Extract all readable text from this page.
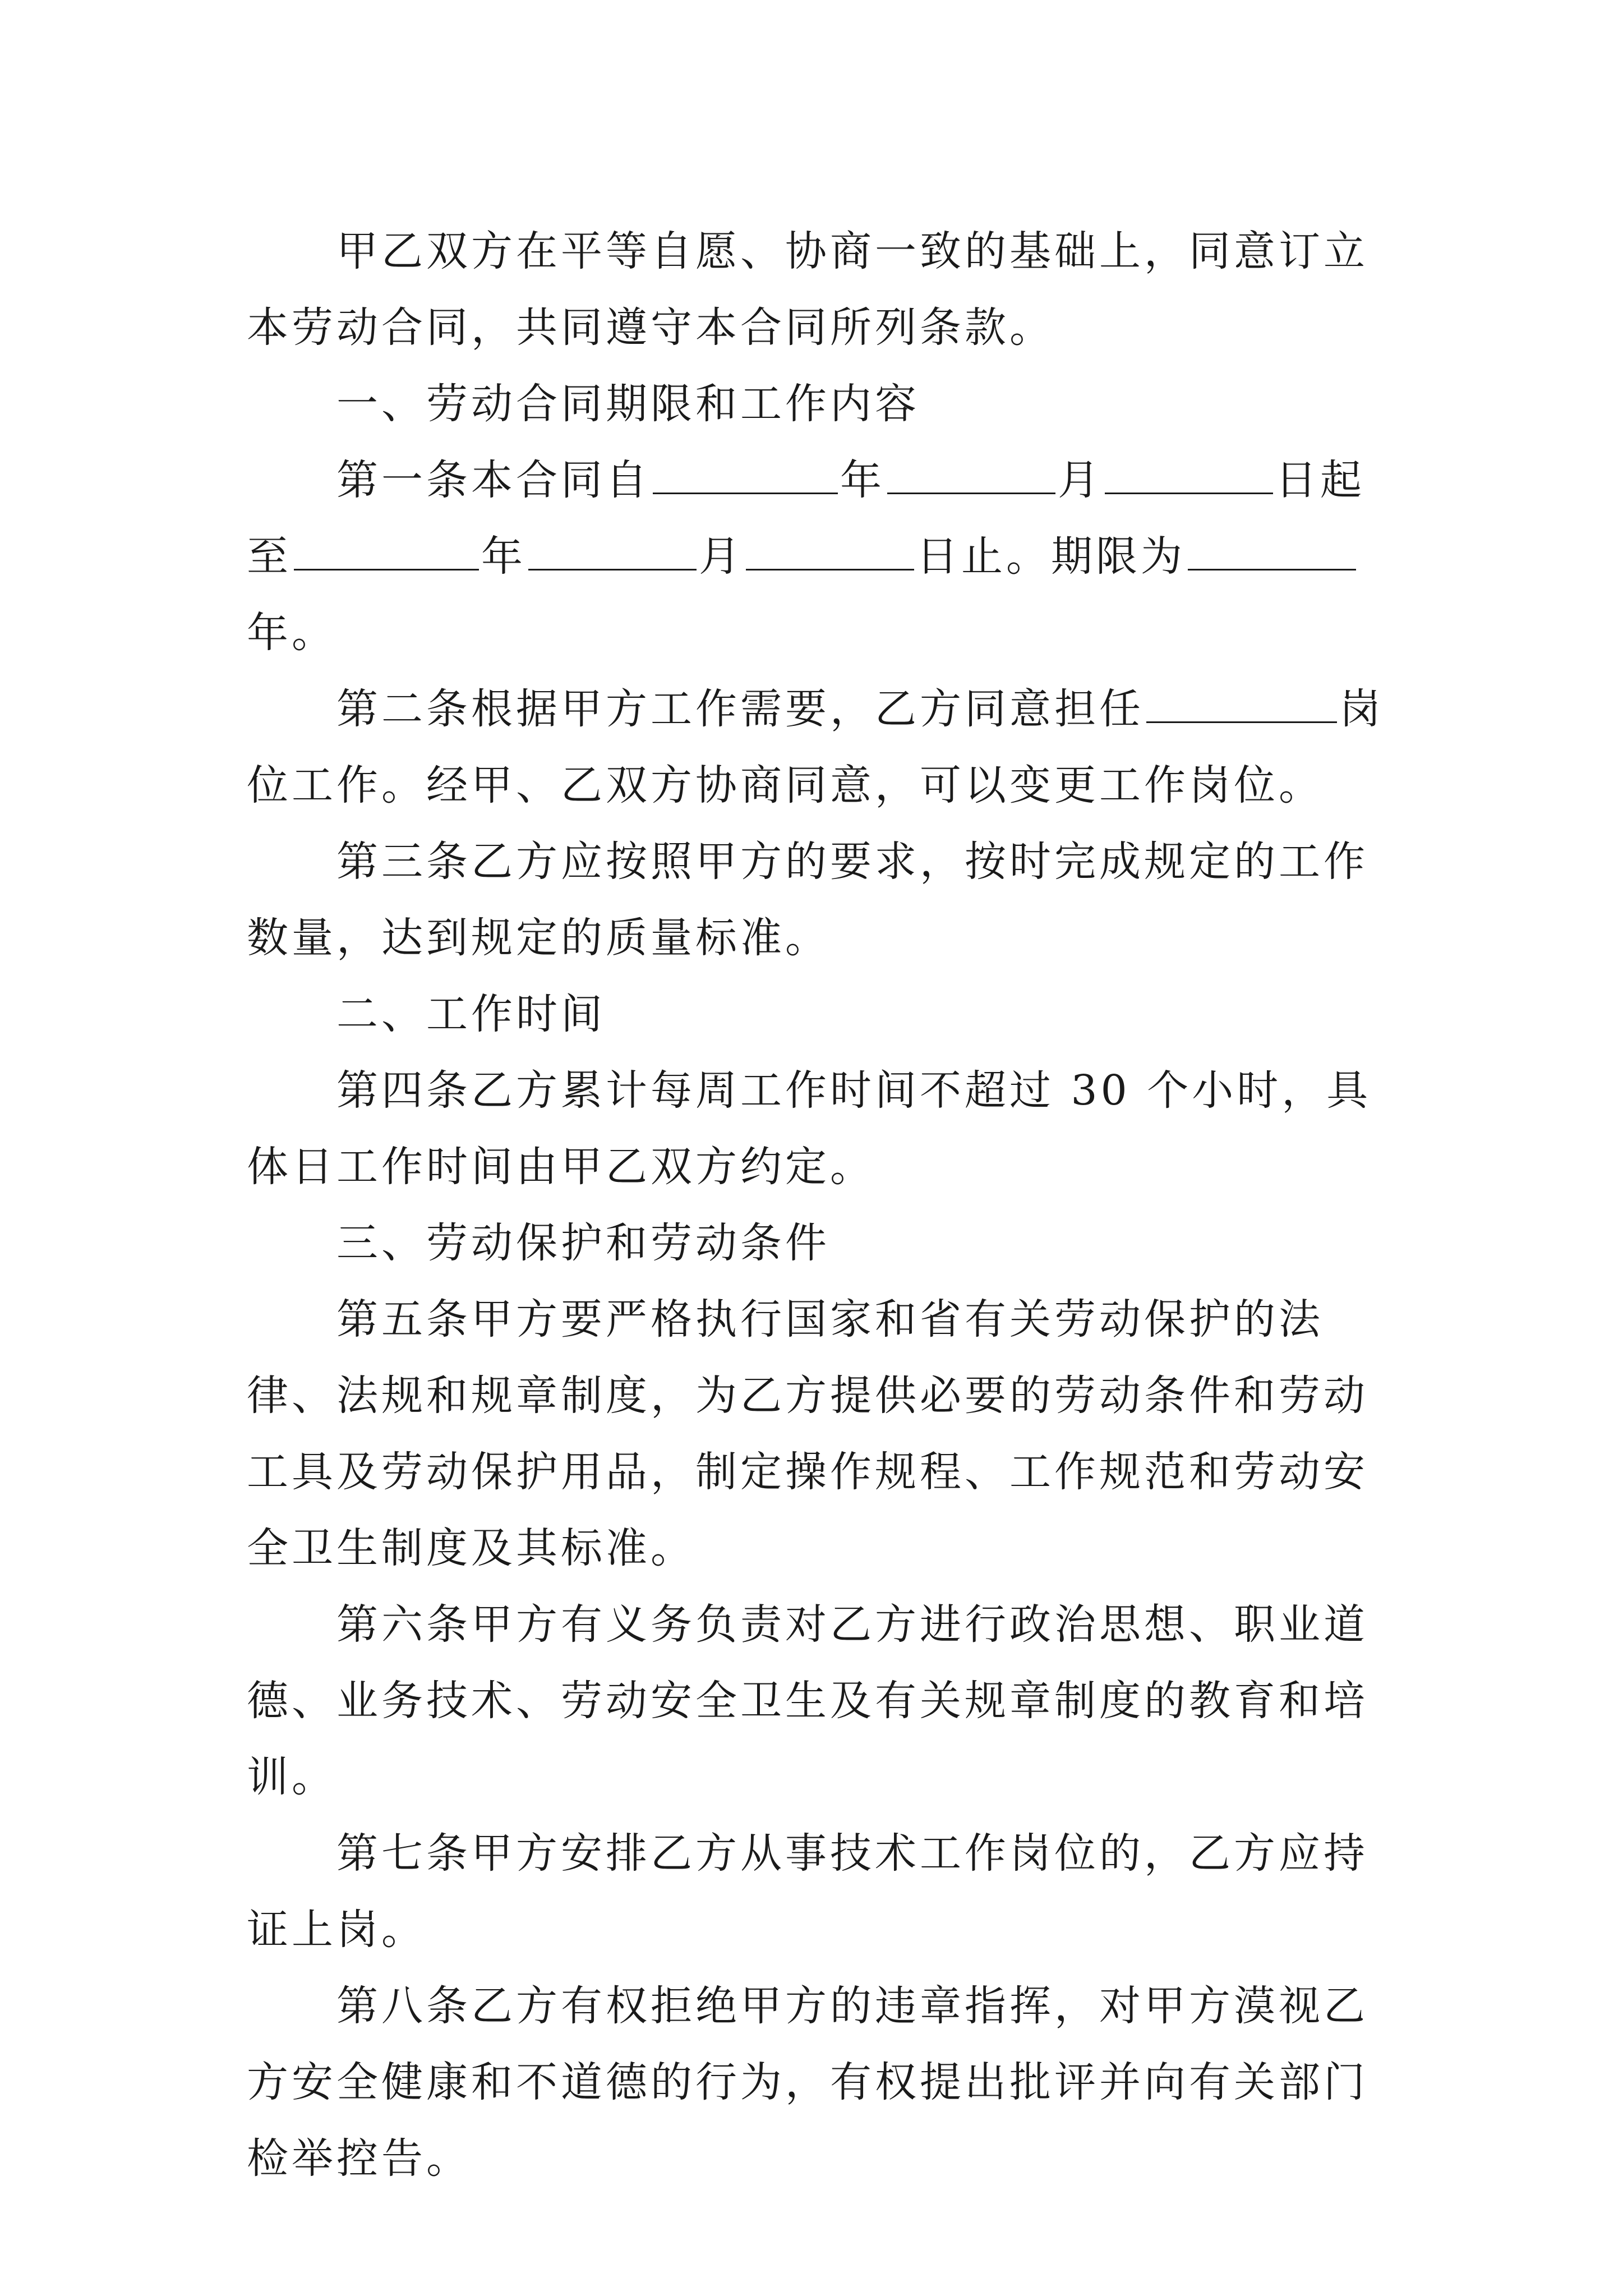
甲乙双方在平等自愿、协商一致的基础上，同意订立本劳动合同，共同遵守本合同所列条款。

一、劳动合同期限和工作内容

第一条本合同自	年	月	日起至	年	月	日止。期限为年。

第二条根据甲方工作需要，乙方同意担任	岗位工作。经甲、乙双方协商同意，可以变更工作岗位。

第三条乙方应按照甲方的要求，按时完成规定的工作数量，达到规定的质量标准。

二、工作时间

第四条乙方累计每周工作时间不超过 30 个小时，具体日工作时间由甲乙双方约定。

三、劳动保护和劳动条件

第五条甲方要严格执行国家和省有关劳动保护的法律、法规和规章制度，为乙方提供必要的劳动条件和劳动工具及劳动保护用品，制定操作规程、工作规范和劳动安全卫生制度及其标准。

第六条甲方有义务负责对乙方进行政治思想、职业道德、业务技术、劳动安全卫生及有关规章制度的教育和培训。

第七条甲方安排乙方从事技术工作岗位的，乙方应持证上岗。

第八条乙方有权拒绝甲方的违章指挥，对甲方漠视乙方安全健康和不道德的行为，有权提出批评并向有关部门检举控告。
